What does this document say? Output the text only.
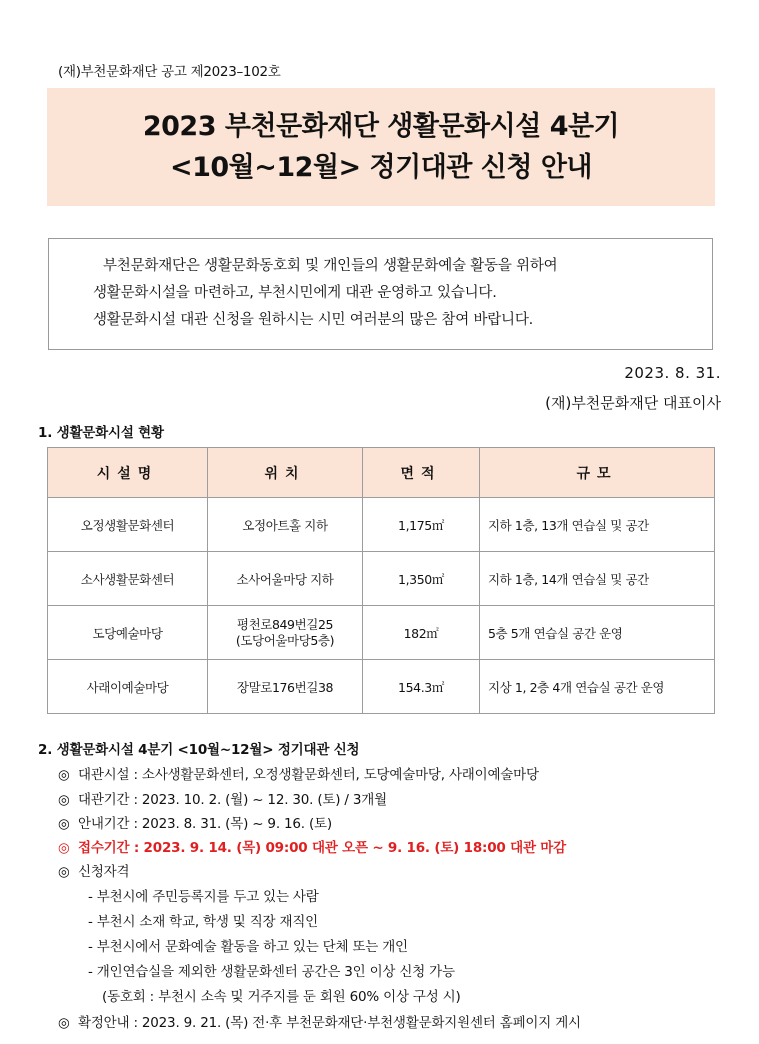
(재)부천문화재단 공고 제2023–102호
2023 부천문화재단 생활문화시설 4분기
<10월~12월> 정기대관 신청 안내
부천문화재단은 생활문화동호회 및 개인들의 생활문화예술 활동을 위하여
생활문화시설을 마련하고, 부천시민에게 대관 운영하고 있습니다.
생활문화시설 대관 신청을 원하시는 시민 여러분의 많은 참여 바랍니다.
2023. 8. 31.
(재)부천문화재단 대표이사
1. 생활문화시설 현황
시설명	위치	면적	규모
오정생활문화센터	오정아트홀 지하	1,175㎡	지하 1층, 13개 연습실 및 공간
소사생활문화센터	소사어울마당 지하	1,350㎡	지하 1층, 14개 연습실 및 공간
도당예술마당	평천로849번길25
(도당어울마당5층)	182㎡	5층 5개 연습실 공간 운영
사래이예술마당	장말로176번길38	154.3㎡	지상 1, 2층 4개 연습실 공간 운영
2. 생활문화시설 4분기 <10월~12월> 정기대관 신청
◎ 대관시설 : 소사생활문화센터, 오정생활문화센터, 도당예술마당, 사래이예술마당
◎ 대관기간 : 2023. 10. 2. (월) ~ 12. 30. (토) / 3개월
◎ 안내기간 : 2023. 8. 31. (목) ~ 9. 16. (토)
◎ 접수기간 : 2023. 9. 14. (목) 09:00 대관 오픈 ~ 9. 16. (토) 18:00 대관 마감
◎ 신청자격
- 부천시에 주민등록지를 두고 있는 사람
- 부천시 소재 학교, 학생 및 직장 재직인
- 부천시에서 문화예술 활동을 하고 있는 단체 또는 개인
- 개인연습실을 제외한 생활문화센터 공간은 3인 이상 신청 가능
(동호회 : 부천시 소속 및 거주지를 둔 회원 60% 이상 구성 시)
◎ 확정안내 : 2023. 9. 21. (목) 전·후 부천문화재단·부천생활문화지원센터 홈페이지 게시
